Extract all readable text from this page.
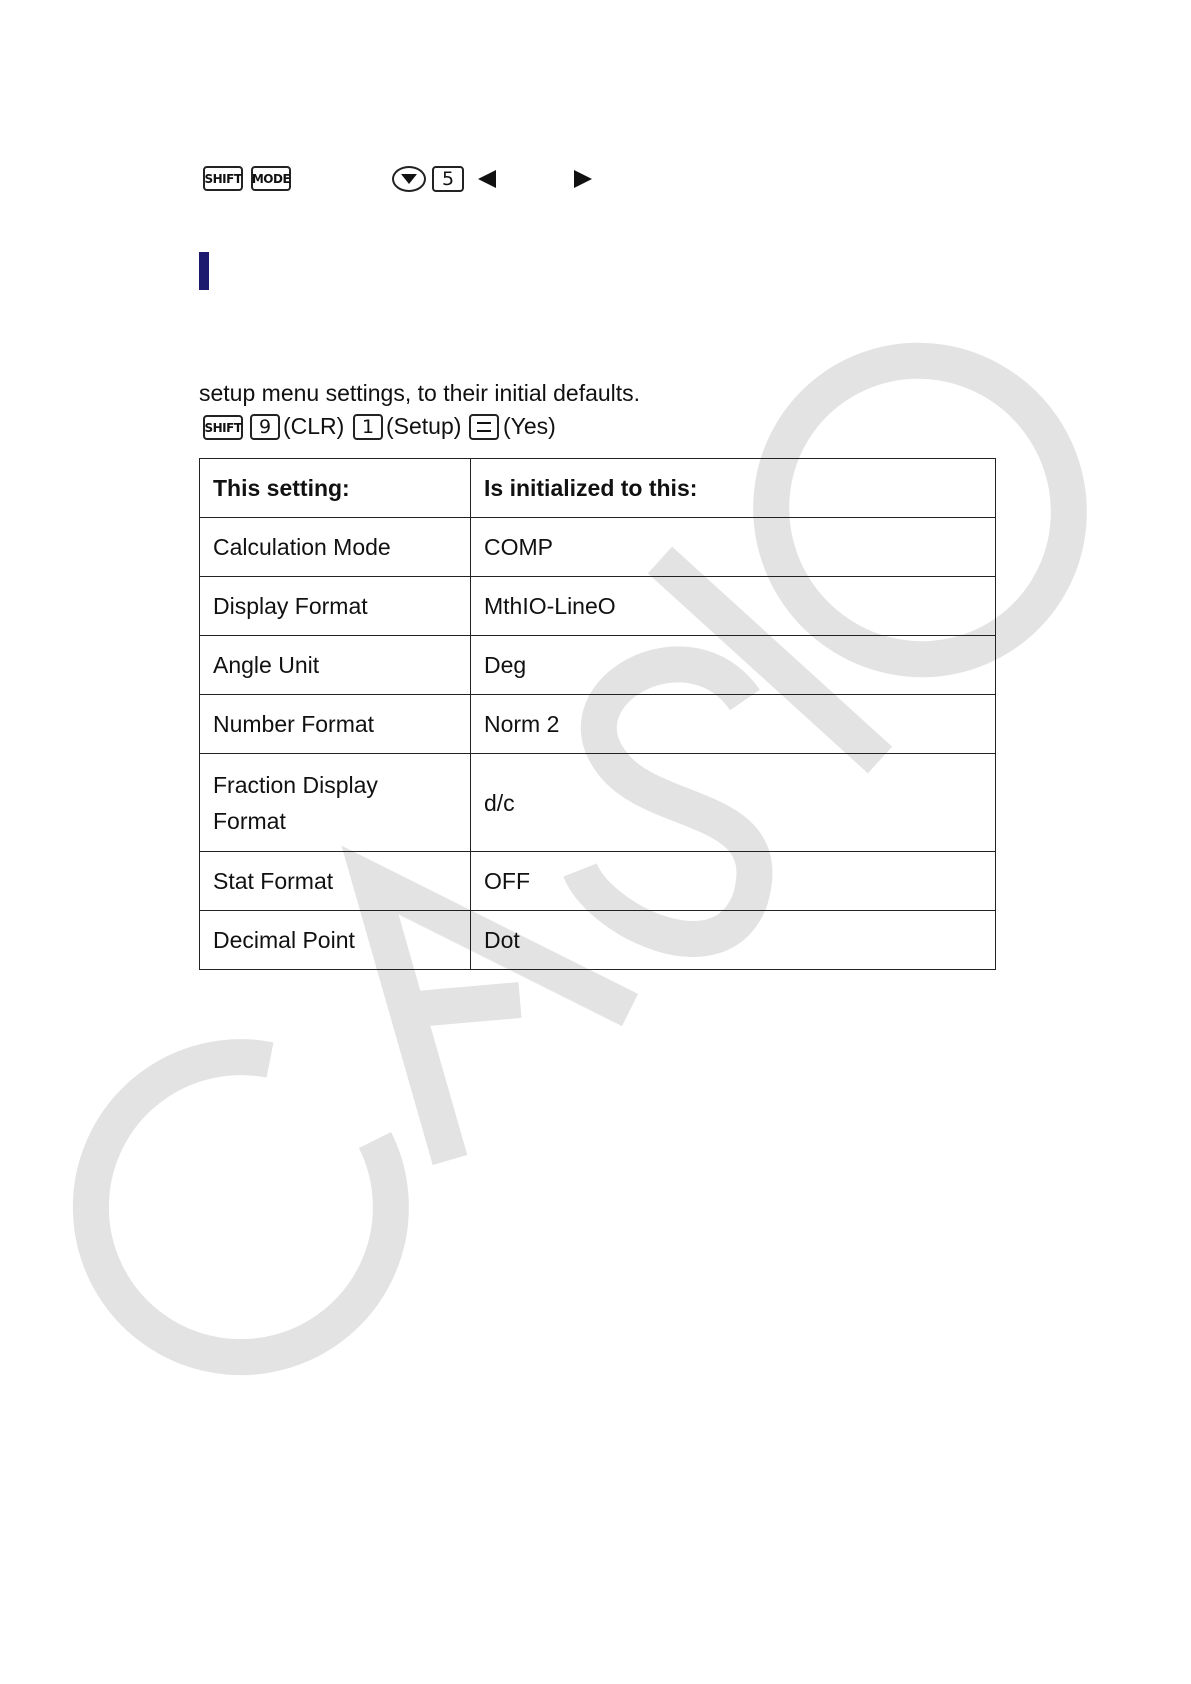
SHIFT MODE	5
setup menu settings, to their initial defaults.
SHIFT 9 (CLR) 1 (Setup) (Yes)
This setting:	Is initialized to this:
Calculation Mode	COMP
Display Format	MthIO-LineO
Angle Unit	Deg
Number Format	Norm 2

Fraction Display Format	d/c
Stat Format	OFF
Decimal Point	Dot
